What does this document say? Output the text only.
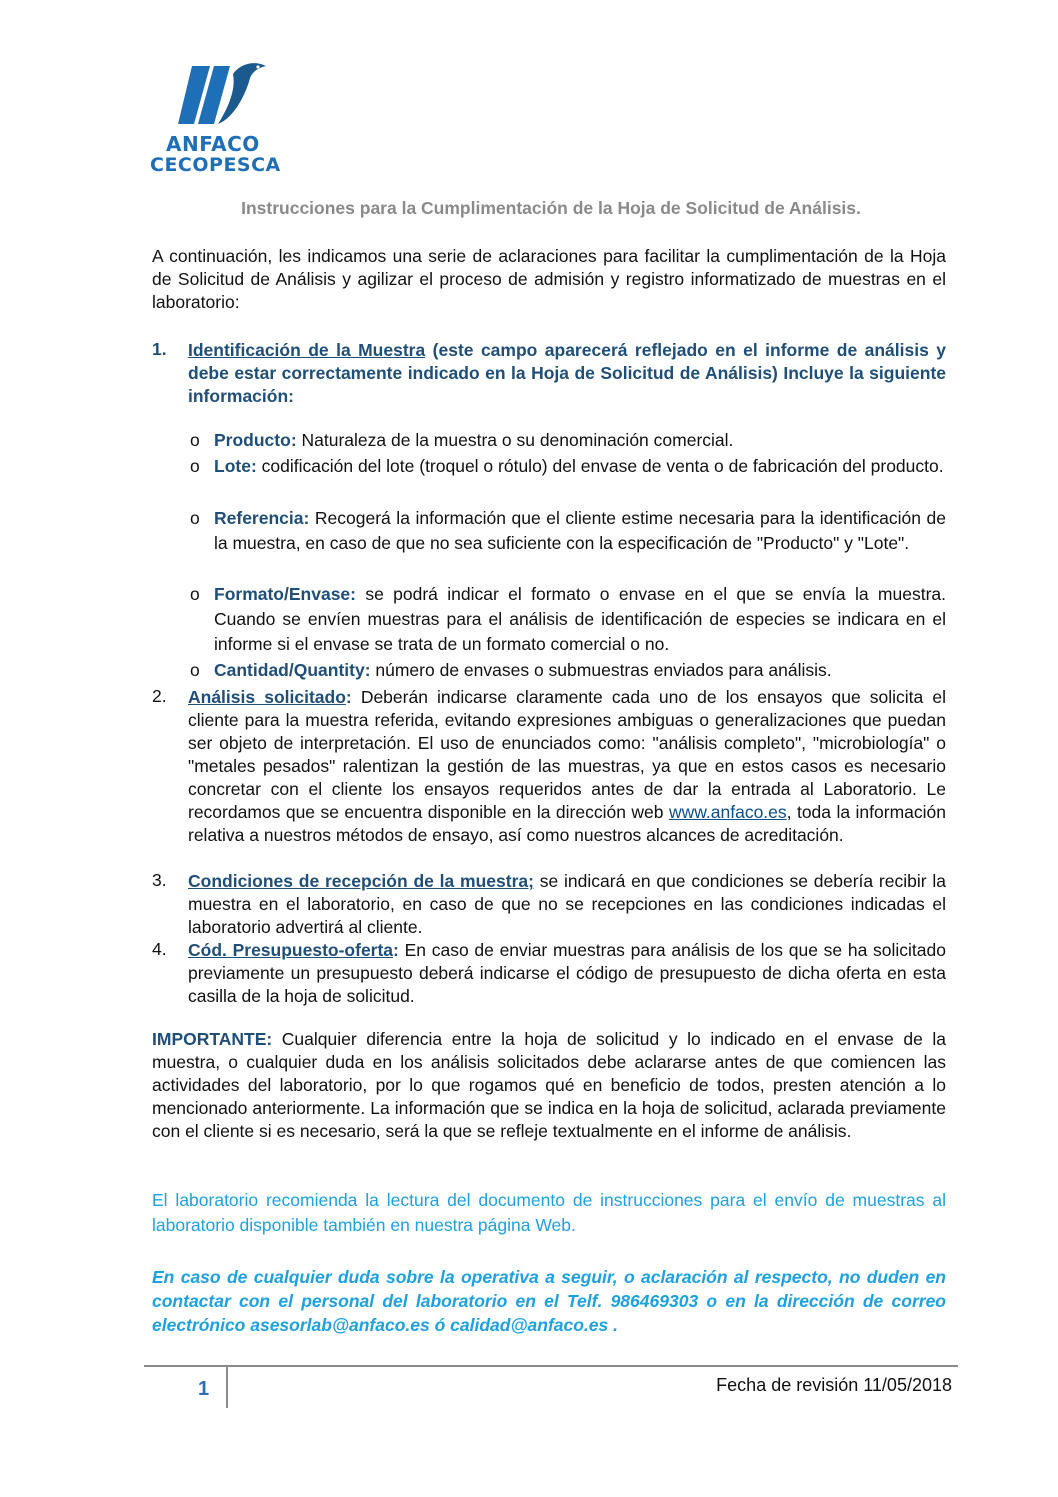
ANFACO
CECOPESCA
Instrucciones para la Cumplimentación de la Hoja de Solicitud de Análisis.

A continuación, les indicamos una serie de aclaraciones para facilitar la cumplimentación de la Hoja de Solicitud de Análisis y agilizar el proceso de admisión y registro informatizado de muestras en el laboratorio:

1. Identificación de la Muestra (este campo aparecerá reflejado en el informe de análisis y debe estar correctamente indicado en la Hoja de Solicitud de Análisis) Incluye la siguiente información:

o Producto: Naturaleza de la muestra o su denominación comercial.

o Lote: codificación del lote (troquel o rótulo) del envase de venta o de fabricación del producto.

o Referencia: Recogerá la información que el cliente estime necesaria para la identificación de la muestra, en caso de que no sea suficiente con la especificación de "Producto" y "Lote".

o Formato/Envase: se podrá indicar el formato o envase en el que se envía la muestra. Cuando se envíen muestras para el análisis de identificación de especies se indicara en el informe si el envase se trata de un formato comercial o no.

o Cantidad/Quantity: número de envases o submuestras enviados para análisis.

2. Análisis solicitado: Deberán indicarse claramente cada uno de los ensayos que solicita el cliente para la muestra referida, evitando expresiones ambiguas o generalizaciones que puedan ser objeto de interpretación. El uso de enunciados como: "análisis completo", "microbiología" o "metales pesados" ralentizan la gestión de las muestras, ya que en estos casos es necesario concretar con el cliente los ensayos requeridos antes de dar la entrada al Laboratorio. Le recordamos que se encuentra disponible en la dirección web www.anfaco.es, toda la información relativa a nuestros métodos de ensayo, así como nuestros alcances de acreditación.

3. Condiciones de recepción de la muestra; se indicará en que condiciones se debería recibir la muestra en el laboratorio, en caso de que no se recepciones en las condiciones indicadas el laboratorio advertirá al cliente.

4. Cód. Presupuesto-oferta: En caso de enviar muestras para análisis de los que se ha solicitado previamente un presupuesto deberá indicarse el código de presupuesto de dicha oferta en esta casilla de la hoja de solicitud.

IMPORTANTE: Cualquier diferencia entre la hoja de solicitud y lo indicado en el envase de la muestra, o cualquier duda en los análisis solicitados debe aclararse antes de que comiencen las actividades del laboratorio, por lo que rogamos qué en beneficio de todos, presten atención a lo mencionado anteriormente. La información que se indica en la hoja de solicitud, aclarada previamente con el cliente si es necesario, será la que se refleje textualmente en el informe de análisis.

El laboratorio recomienda la lectura del documento de instrucciones para el envío de muestras al laboratorio disponible también en nuestra página Web.

En caso de cualquier duda sobre la operativa a seguir, o aclaración al respecto, no duden en contactar con el personal del laboratorio en el Telf. 986469303 o en la dirección de correo electrónico asesorlab@anfaco.es ó calidad@anfaco.es .

1	Fecha de revisión 11/05/2018
